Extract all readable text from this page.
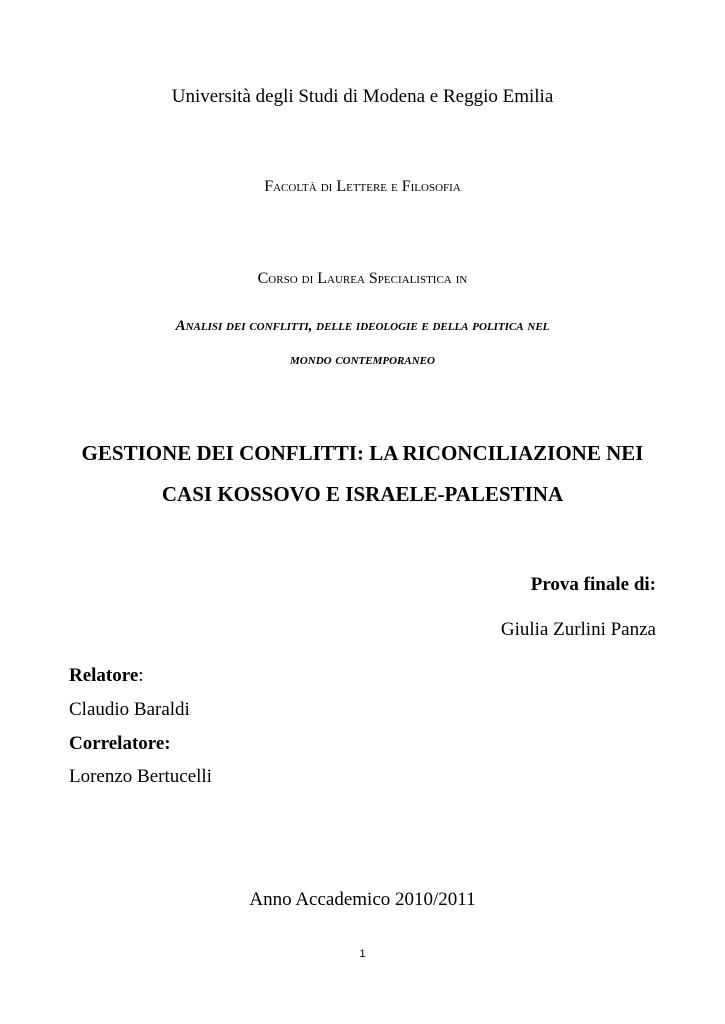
Università degli Studi di Modena e Reggio Emilia
Facoltà di Lettere e Filosofia
Corso di Laurea Specialistica in
Analisi dei conflitti, delle ideologie e della politica nel
mondo contemporaneo
GESTIONE DEI CONFLITTI: LA RICONCILIAZIONE NEI
CASI KOSSOVO E ISRAELE-PALESTINA
Prova finale di:
Giulia Zurlini Panza
Relatore:
Claudio Baraldi
Correlatore:
Lorenzo Bertucelli
Anno Accademico 2010/2011
1
